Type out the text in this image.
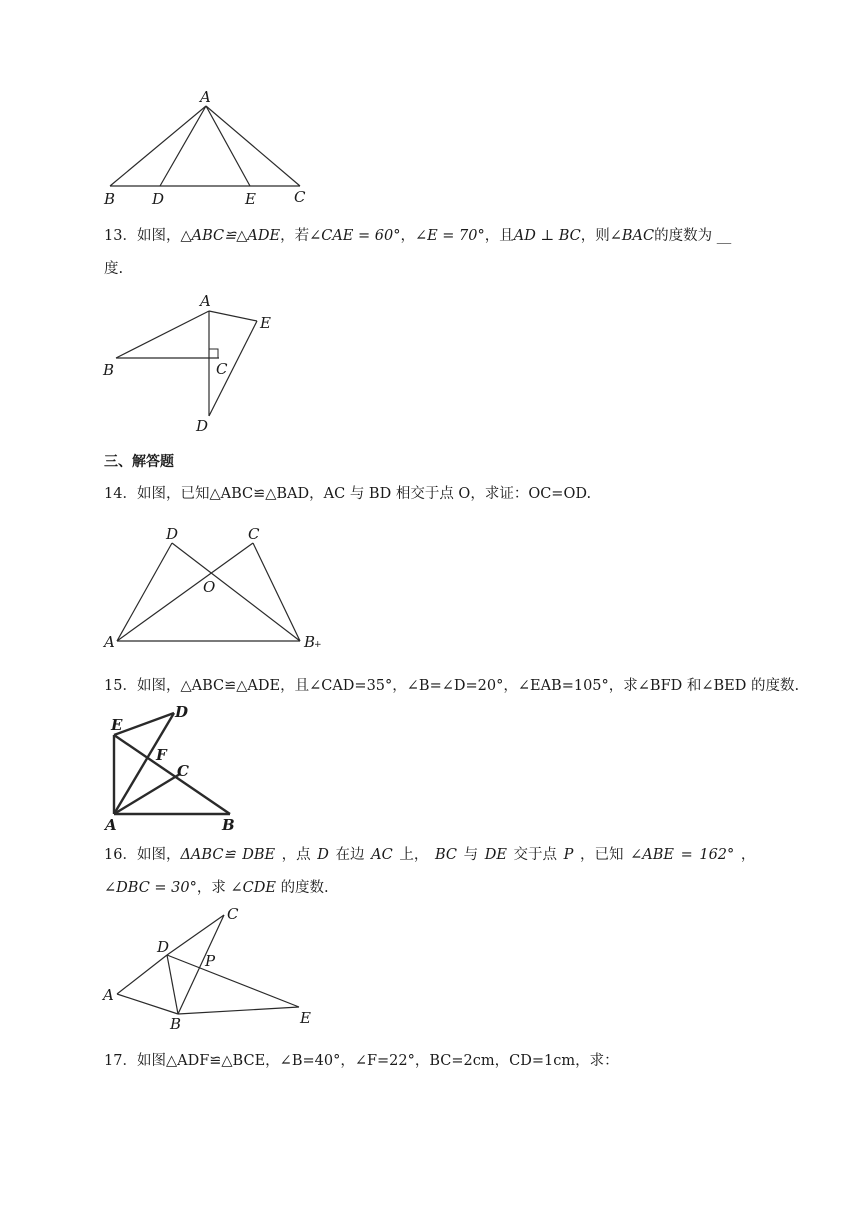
A
B D	E	C
13．如图，△ABC≌△ADE，若∠CAE = 60°，∠E = 70°，且AD ⊥ BC，则∠BAC的度数为 __
度.
A
E
B	C
D
三、解答题
14．如图，已知△ABC≌△BAD，AC 与 BD 相交于点 O，求证：OC=OD.
D	C
O
A	B
+
15．如图，△ABC≌△ADE，且∠CAD=35°，∠B=∠D=20°，∠EAB=105°，求∠BFD 和∠BED 的度数.
E
D
F
C
A	B
16．如图，ΔABC≌ DBE ，点 D 在边 AC 上， BC 与 DE 交于点 P ，已知 ∠ABE = 162° ，
∠DBC = 30°，求 ∠CDE 的度数.
C
D
P
A
B	E
17．如图△ADF≌△BCE，∠B=40°，∠F=22°，BC=2cm，CD=1cm，求：
